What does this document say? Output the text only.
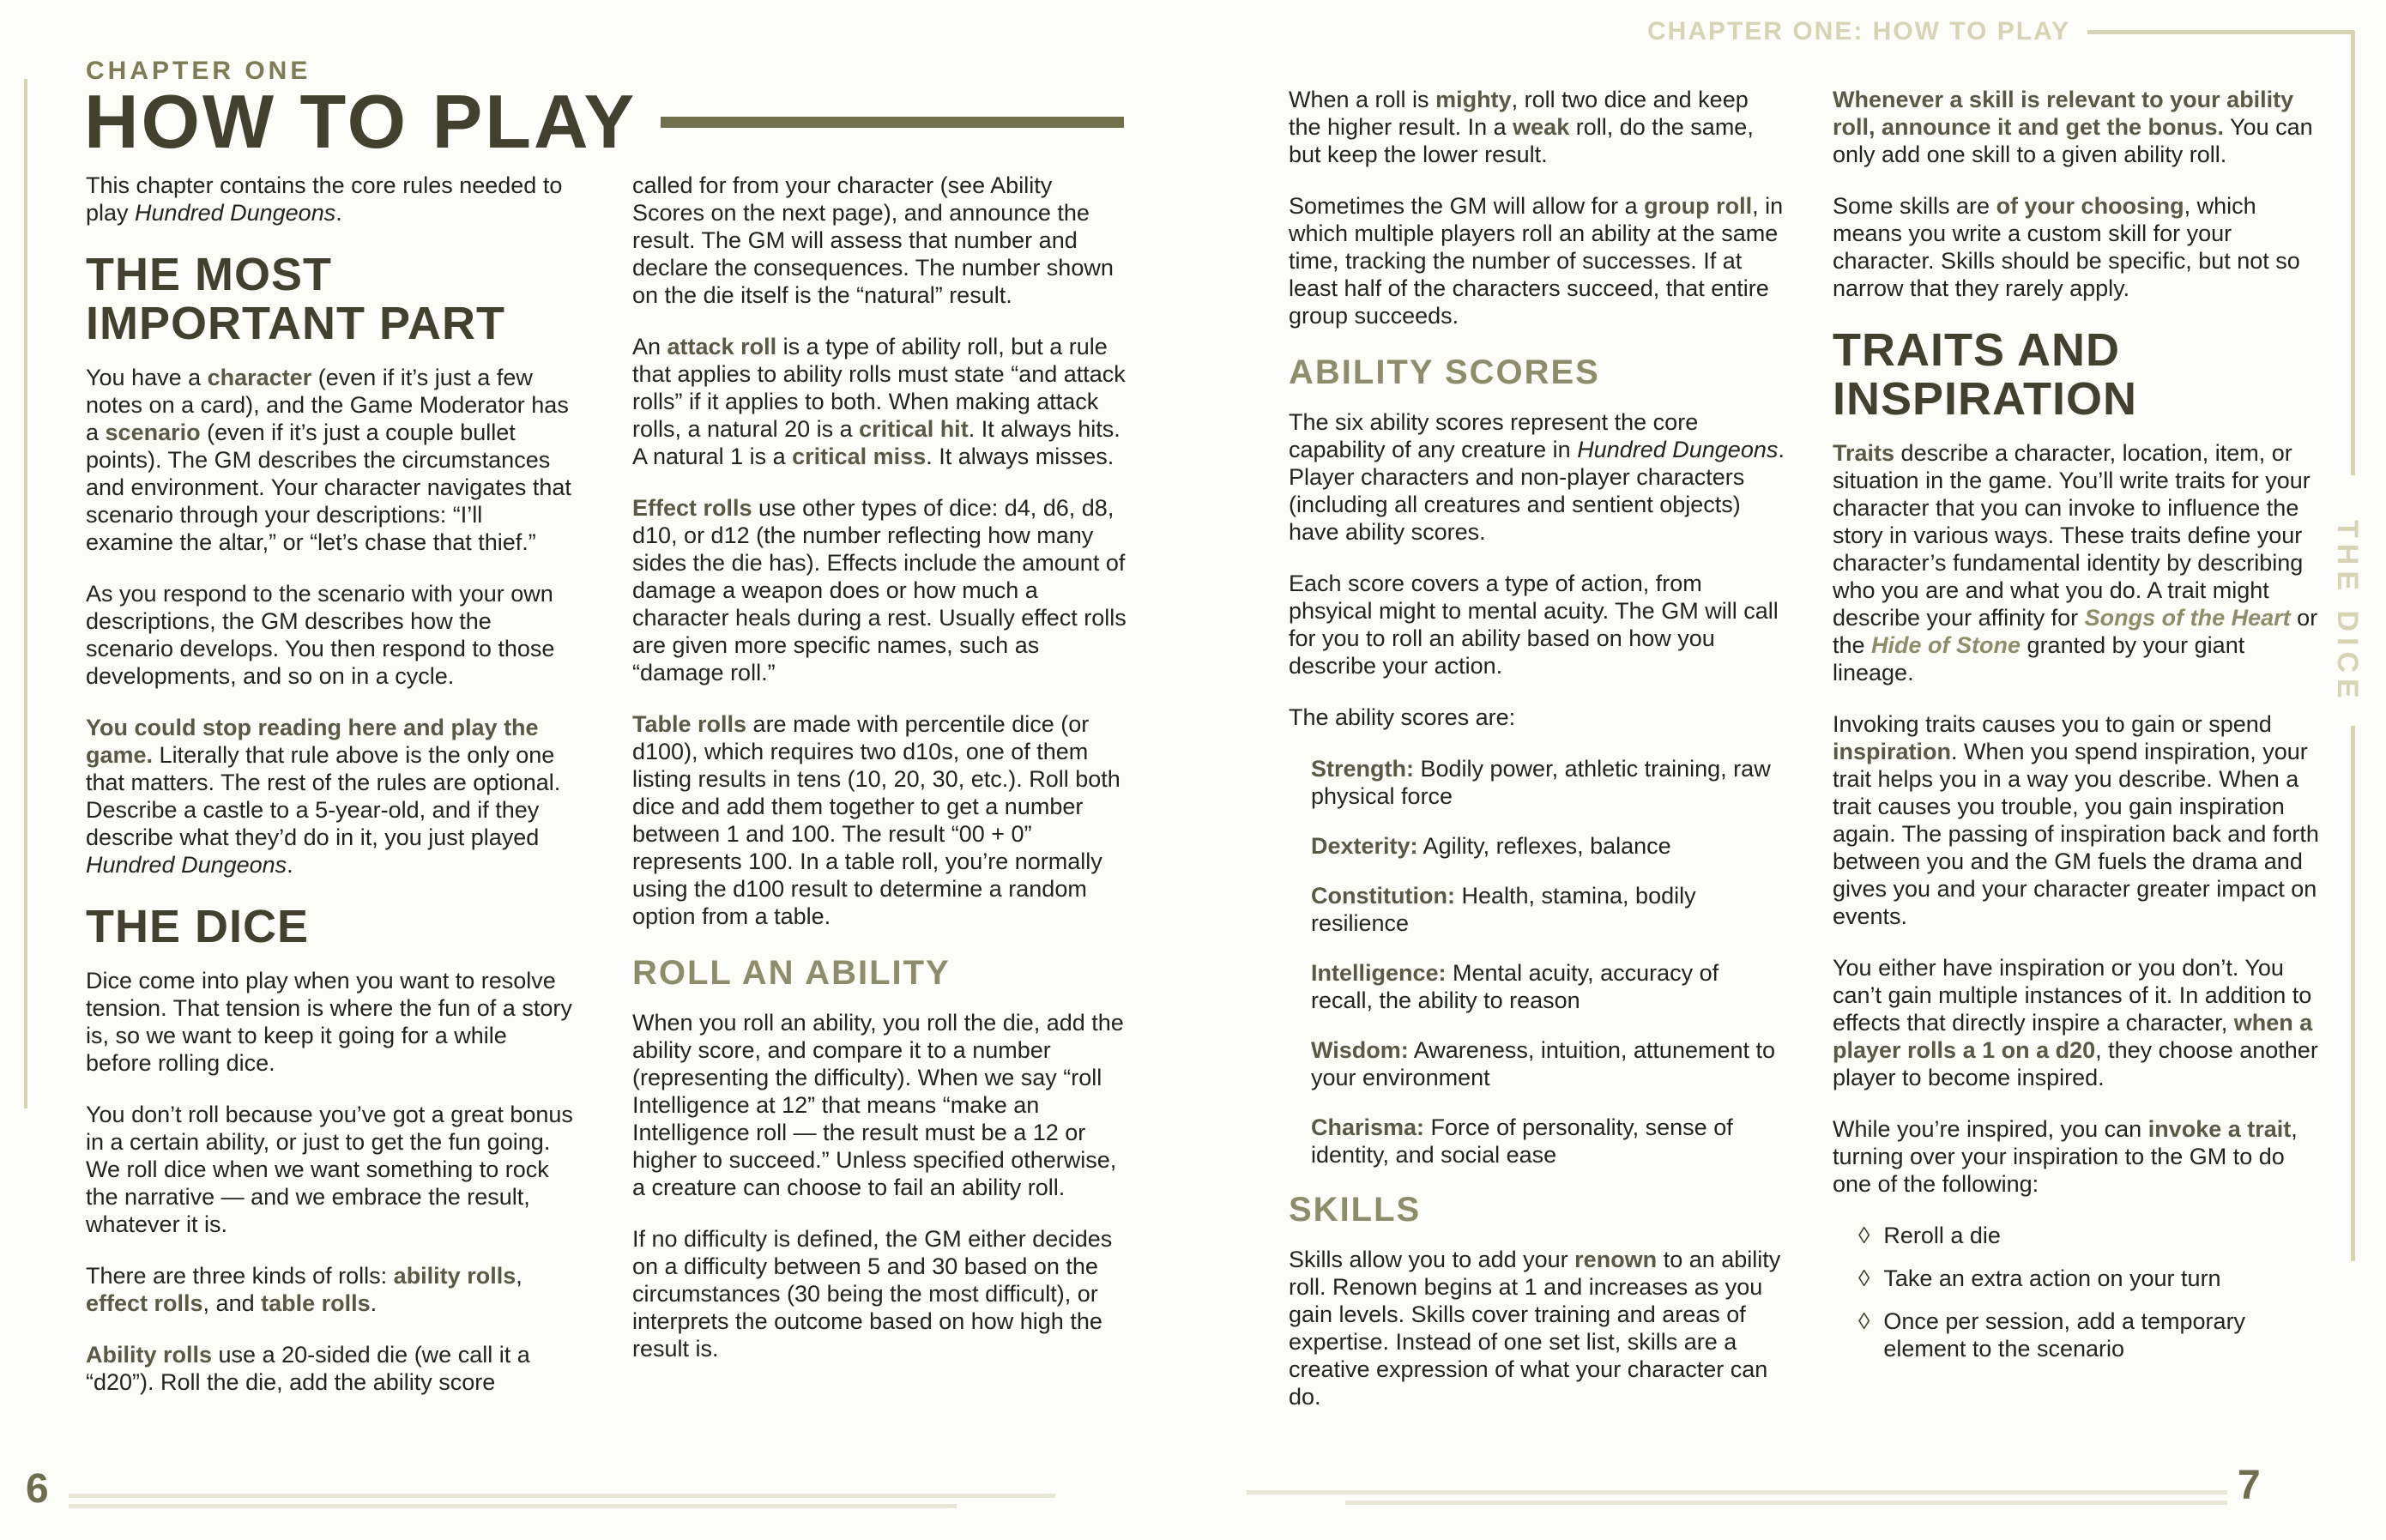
THE DICE
CHAPTER ONE
HOW TO PLAY
CHAPTER ONE: HOW TO PLAY

This chapter contains the core rules needed to play Hundred Dungeons.

THE MOST IMPORTANT PART

You have a character (even if it’s just a few notes on a card), and the Game Moderator has a scenario (even if it’s just a couple bullet points). The GM describes the circumstances and environment. Your character navigates that scenario through your descriptions: “I’ll examine the altar,” or “let’s chase that thief.”

As you respond to the scenario with your own descriptions, the GM describes how the scenario develops. You then respond to those developments, and so on in a cycle.

You could stop reading here and play the game. Literally that rule above is the only one that matters. The rest of the rules are optional. Describe a castle to a 5-year-old, and if they describe what they’d do in it, you just played Hundred Dungeons.

THE DICE

Dice come into play when you want to resolve tension. That tension is where the fun of a story is, so we want to keep it going for a while before rolling dice.

You don’t roll because you’ve got a great bonus in a certain ability, or just to get the fun going. We roll dice when we want something to rock the narrative — and we embrace the result, whatever it is.

There are three kinds of rolls: ability rolls, effect rolls, and table rolls.

Ability rolls use a 20-sided die (we call it a “d20”). Roll the die, add the ability score

called for from your character (see Ability Scores on the next page), and announce the result. The GM will assess that number and declare the consequences. The number shown on the die itself is the “natural” result.

An attack roll is a type of ability roll, but a rule that applies to ability rolls must state “and attack rolls” if it applies to both. When making attack rolls, a natural 20 is a critical hit. It always hits. A natural 1 is a critical miss. It always misses.

Effect rolls use other types of dice: d4, d6, d8, d10, or d12 (the number reflecting how many sides the die has). Effects include the amount of damage a weapon does or how much a character heals during a rest. Usually effect rolls are given more specific names, such as “damage roll.”

Table rolls are made with percentile dice (or d100), which requires two d10s, one of them listing results in tens (10, 20, 30, etc.). Roll both dice and add them together to get a number between 1 and 100. The result “00 + 0” represents 100. In a table roll, you’re normally using the d100 result to determine a random option from a table.

ROLL AN ABILITY

When you roll an ability, you roll the die, add the ability score, and compare it to a number (representing the difficulty). When we say “roll Intelligence at 12” that means “make an Intelligence roll — the result must be a 12 or higher to succeed.” Unless specified otherwise, a creature can choose to fail an ability roll.

If no difficulty is defined, the GM either decides on a difficulty between 5 and 30 based on the circumstances (30 being the most difficult), or interprets the outcome based on how high the result is.

When a roll is mighty, roll two dice and keep the higher result. In a weak roll, do the same, but keep the lower result.

Sometimes the GM will allow for a group roll, in which multiple players roll an ability at the same time, tracking the number of successes. If at least half of the characters succeed, that entire group succeeds.

ABILITY SCORES

The six ability scores represent the core capability of any creature in Hundred Dungeons. Player characters and non-player characters (including all creatures and sentient objects) have ability scores.

Each score covers a type of action, from phsyical might to mental acuity. The GM will call for you to roll an ability based on how you describe your action.

The ability scores are:

Strength: Bodily power, athletic training, raw physical force
Dexterity: Agility, reflexes, balance
Constitution: Health, stamina, bodily resilience
Intelligence: Mental acuity, accuracy of recall, the ability to reason
Wisdom: Awareness, intuition, attunement to your environment
Charisma: Force of personality, sense of identity, and social ease
SKILLS

Skills allow you to add your renown to an ability roll. Renown begins at 1 and increases as you gain levels. Skills cover training and areas of expertise. Instead of one set list, skills are a creative expression of what your character can do.

Whenever a skill is relevant to your ability roll, announce it and get the bonus. You can only add one skill to a given ability roll.

Some skills are of your choosing, which means you write a custom skill for your character. Skills should be specific, but not so narrow that they rarely apply.

TRAITS AND INSPIRATION

Traits describe a character, location, item, or situation in the game. You’ll write traits for your character that you can invoke to influence the story in various ways. These traits define your character’s fundamental identity by describing who you are and what you do. A trait might describe your affinity for Songs of the Heart or the Hide of Stone granted by your giant lineage.

Invoking traits causes you to gain or spend inspiration. When you spend inspiration, your trait helps you in a way you describe. When a trait causes you trouble, you gain inspiration again. The passing of inspiration back and forth between you and the GM fuels the drama and gives you and your character greater impact on events.

You either have inspiration or you don’t. You can’t gain multiple instances of it. In addition to effects that directly inspire a character, when a player rolls a 1 on a d20, they choose another player to become inspired.

While you’re inspired, you can invoke a trait, turning over your inspiration to the GM to do one of the following:

◊ Reroll a die
◊ Take an extra action on your turn
◊ Once per session, add a temporary element to the scenario
6	7
